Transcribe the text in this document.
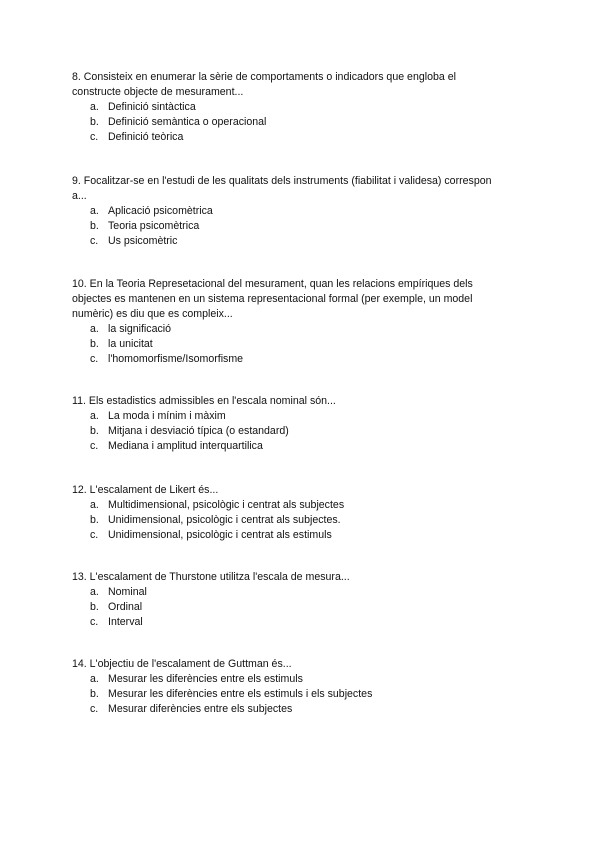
8. Consisteix en enumerar la sèrie de comportaments o indicadors que engloba el
constructe objecte de mesurament...

a. Definició sintàctica
b. Definició semàntica o operacional
c. Definició teòrica

9. Focalitzar-se en l'estudi de les qualitats dels instruments (fiabilitat i validesa) correspon
a...

a. Aplicació psicomètrica
b. Teoria psicomètrica
c. Us psicomètric

10. En la Teoria Represetacional del mesurament, quan les relacions empíriques dels
objectes es mantenen en un sistema representacional formal (per exemple, un model
numèric) es diu que es compleix...

a. la significació
b. la unicitat
c. l'homomorfisme/Isomorfisme

11. Els estadistics admissibles en l'escala nominal són...

a. La moda i mínim i màxim
b. Mitjana i desviació típica (o estandard)
c. Mediana i amplitud interquartilica

12. L'escalament de Likert és...

a. Multidimensional, psicològic i centrat als subjectes
b. Unidimensional, psicològic i centrat als subjectes.
c. Unidimensional, psicològic i centrat als estimuls

13. L'escalament de Thurstone utilitza l'escala de mesura...

a. Nominal
b. Ordinal
c. Interval

14. L'objectiu de l'escalament de Guttman és...

a. Mesurar les diferències entre els estimuls
b. Mesurar les diferències entre els estimuls i els subjectes
c. Mesurar diferències entre els subjectes
